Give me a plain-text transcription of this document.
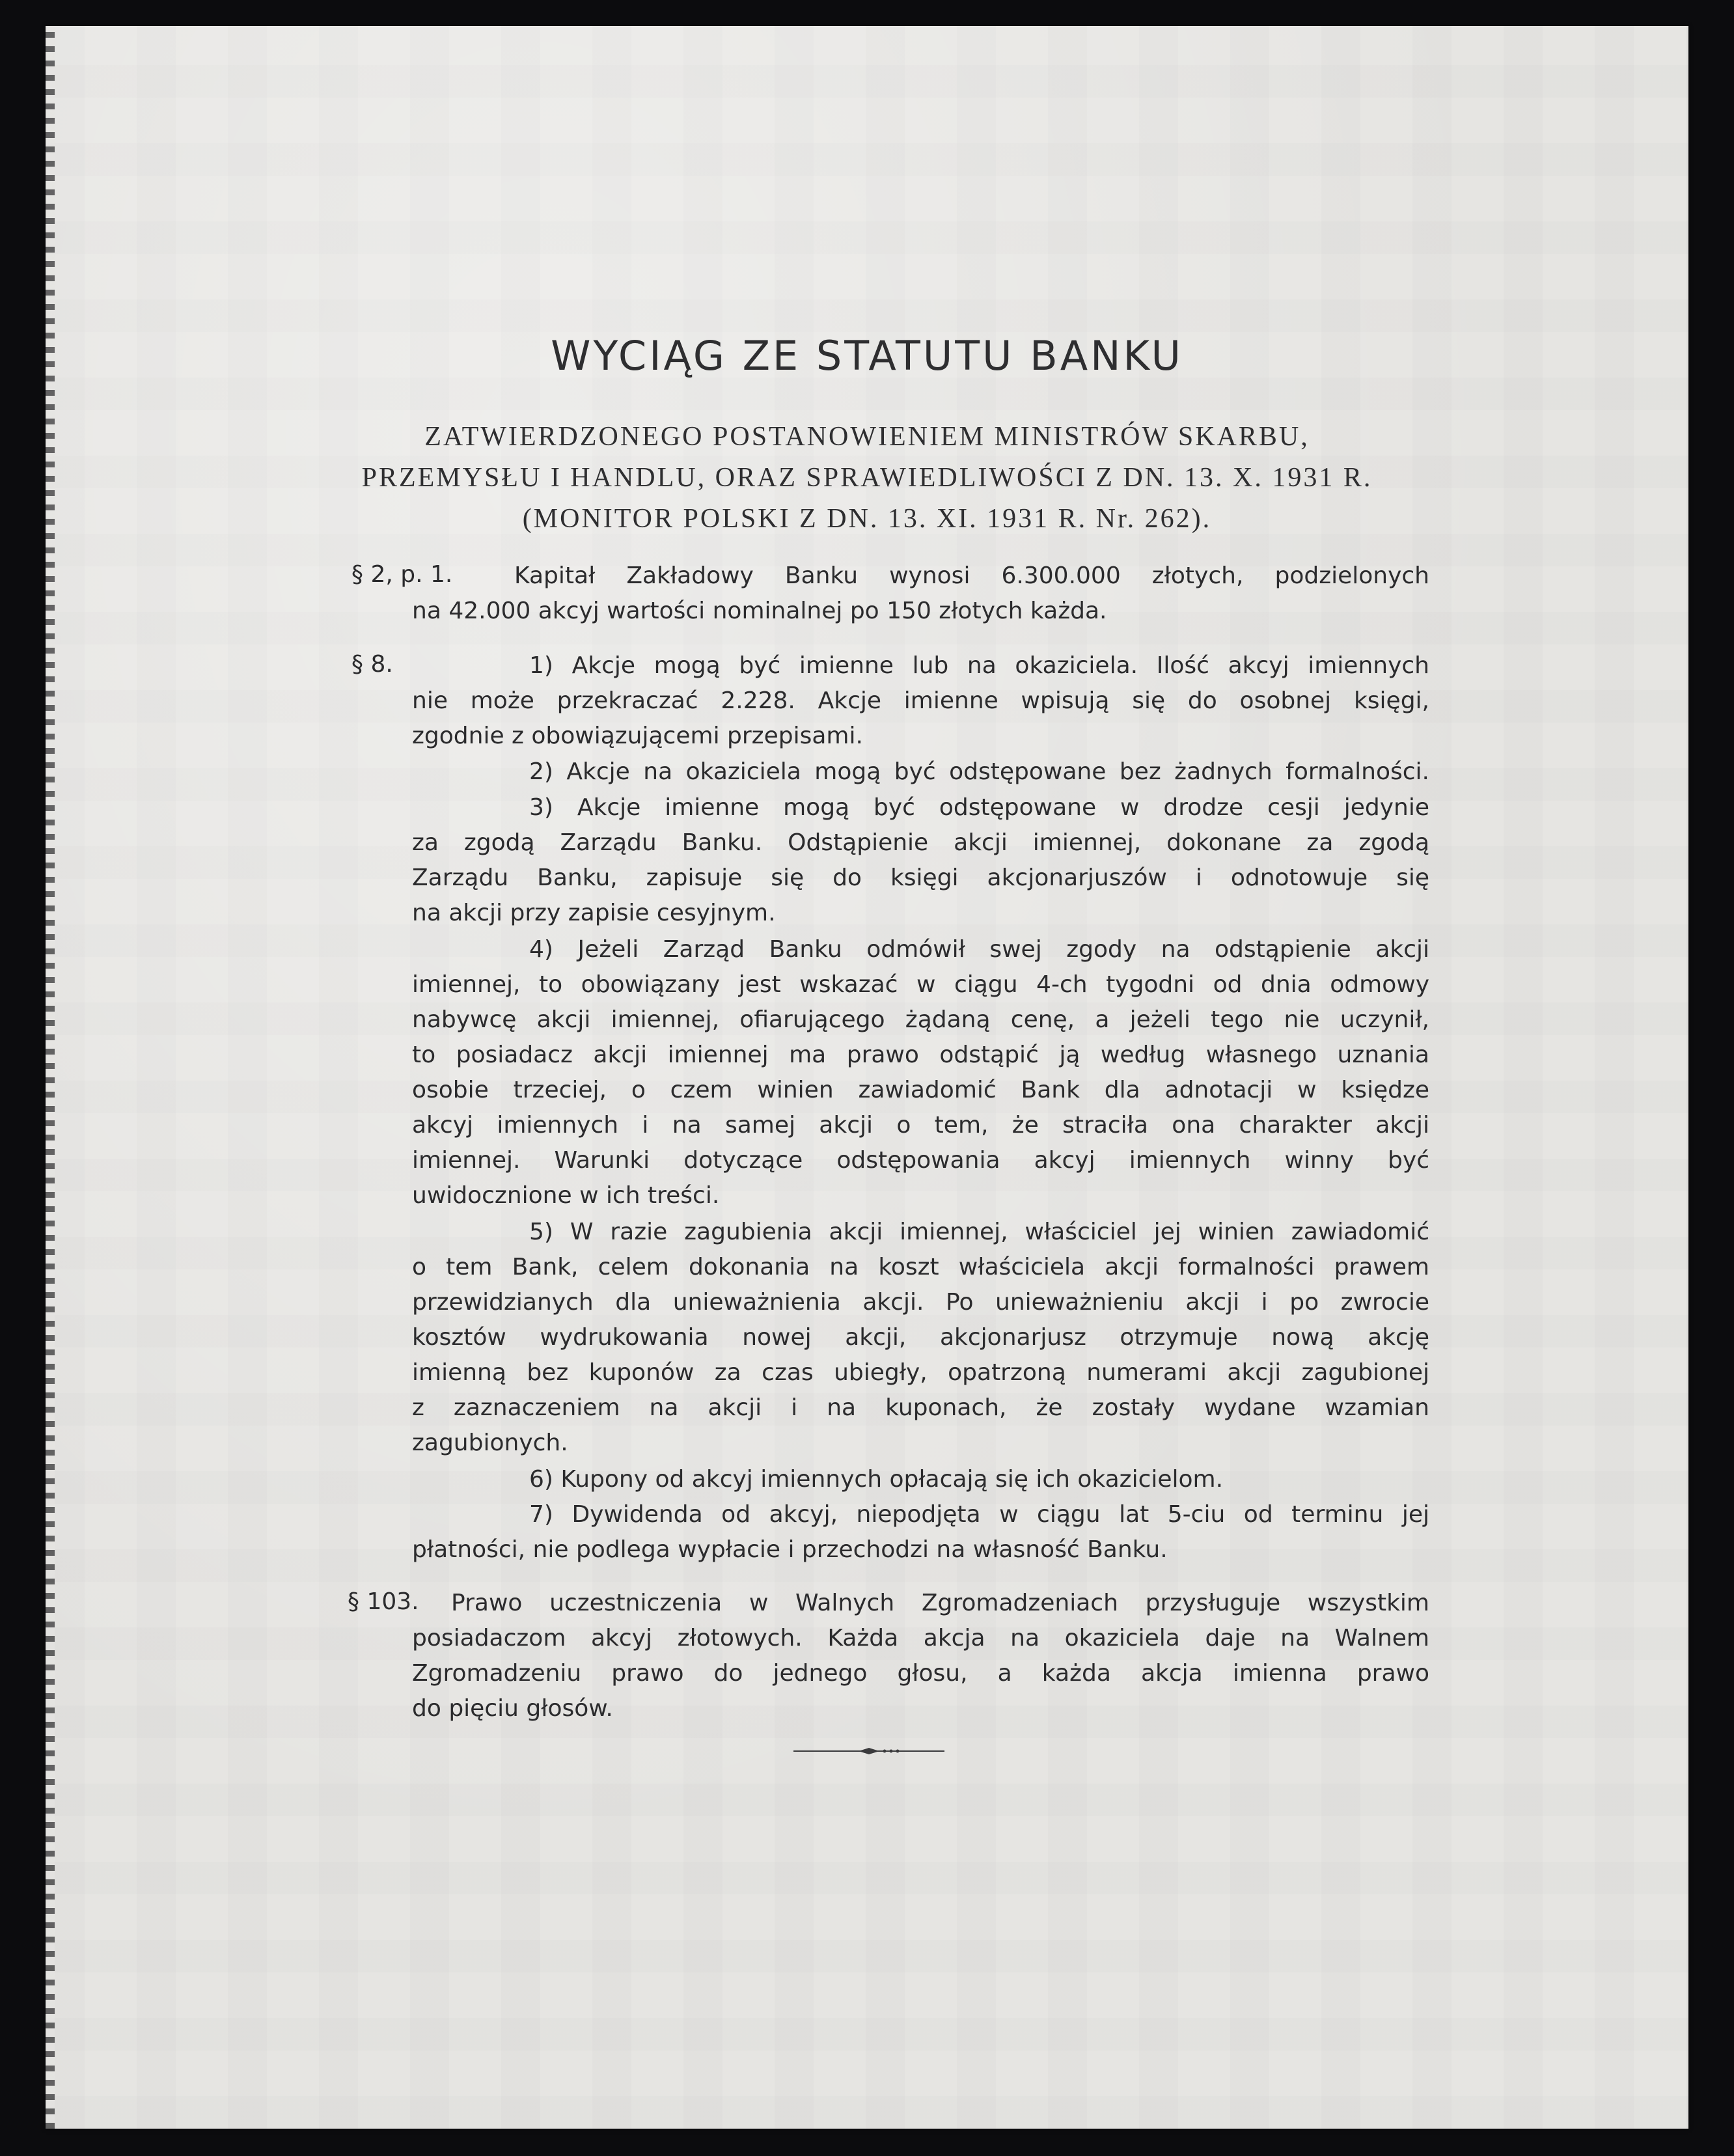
WYCIĄG ZE STATUTU BANKU
ZATWIERDZONEGO POSTANOWIENIEM MINISTRÓW SKARBU,
PRZEMYSŁU I HANDLU, ORAZ SPRAWIEDLIWOŚCI Z DN. 13. X. 1931 R.
(MONITOR POLSKI Z DN. 13. XI. 1931 R. Nr. 262).
§ 2, p. 1.	Kapitał Zakładowy Banku wynosi 6.300.000 złotych, podzielonych
na 42.000 akcyj wartości nominalnej po 150 złotych każda.
§ 8.	1) Akcje mogą być imienne lub na okaziciela. Ilość akcyj imiennych
nie może przekraczać 2.228. Akcje imienne wpisują się do osobnej księgi,
zgodnie z obowiązującemi przepisami.
2) Akcje na okaziciela mogą być odstępowane bez żadnych formalności.
3) Akcje imienne mogą być odstępowane w drodze cesji jedynie
za zgodą Zarządu Banku. Odstąpienie akcji imiennej, dokonane za zgodą
Zarządu Banku, zapisuje się do księgi akcjonarjuszów i odnotowuje się
na akcji przy zapisie cesyjnym.
4) Jeżeli Zarząd Banku odmówił swej zgody na odstąpienie akcji
imiennej, to obowiązany jest wskazać w ciągu 4-ch tygodni od dnia odmowy
nabywcę akcji imiennej, ofiarującego żądaną cenę, a jeżeli tego nie uczynił,
to posiadacz akcji imiennej ma prawo odstąpić ją według własnego uznania
osobie trzeciej, o czem winien zawiadomić Bank dla adnotacji w księdze
akcyj imiennych i na samej akcji o tem, że straciła ona charakter akcji
imiennej. Warunki dotyczące odstępowania akcyj imiennych winny być
uwidocznione w ich treści.
5) W razie zagubienia akcji imiennej, właściciel jej winien zawiadomić
o tem Bank, celem dokonania na koszt właściciela akcji formalności prawem
przewidzianych dla unieważnienia akcji. Po unieważnieniu akcji i po zwrocie
kosztów wydrukowania nowej akcji, akcjonarjusz otrzymuje nową akcję
imienną bez kuponów za czas ubiegły, opatrzoną numerami akcji zagubionej
z zaznaczeniem na akcji i na kuponach, że zostały wydane wzamian
zagubionych.
6) Kupony od akcyj imiennych opłacają się ich okazicielom.
7) Dywidenda od akcyj, niepodjęta w ciągu lat 5-ciu od terminu jej
płatności, nie podlega wypłacie i przechodzi na własność Banku.
§ 103. Prawo uczestniczenia w Walnych Zgromadzeniach przysługuje wszystkim
posiadaczom akcyj złotowych. Każda akcja na okaziciela daje na Walnem
Zgromadzeniu prawo do jednego głosu, a każda akcja imienna prawo
do pięciu głosów.
